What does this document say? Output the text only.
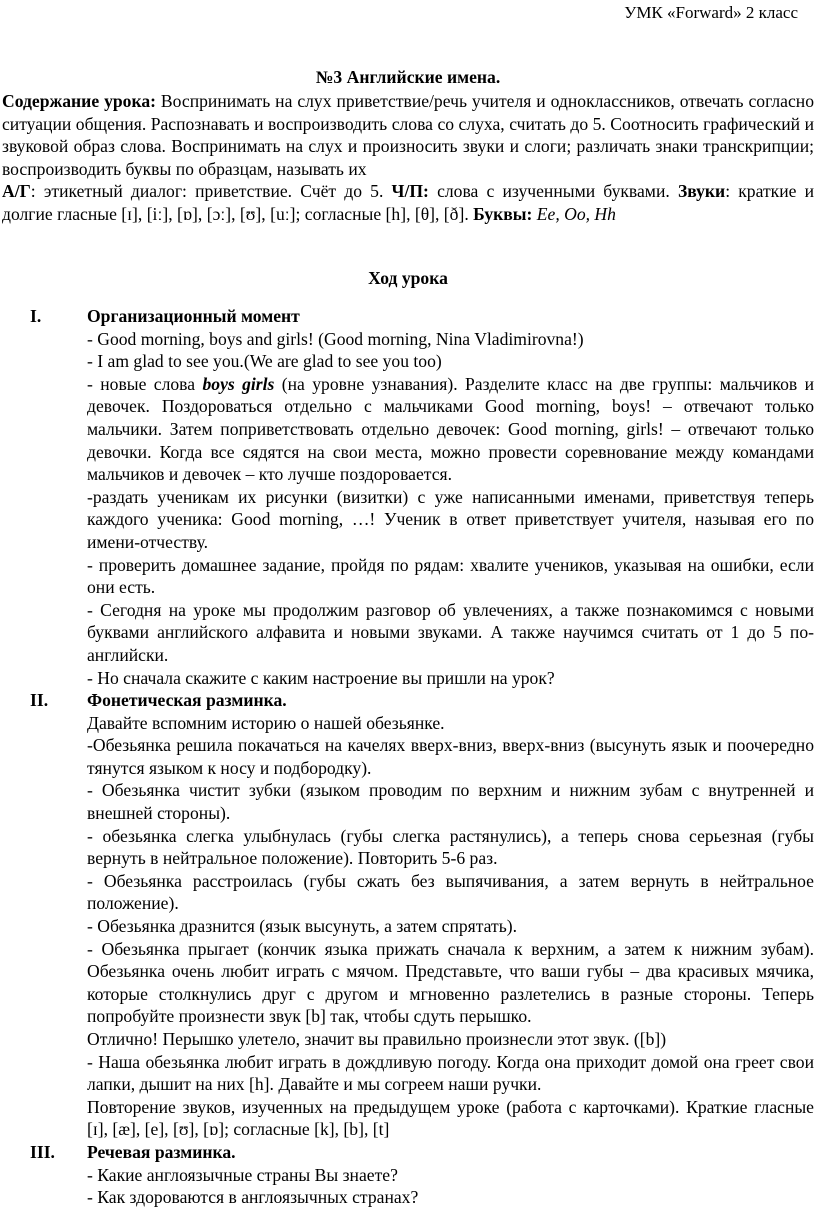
УМК «Forward» 2 класс
№3 Английские имена.

Содержание урока: Воспринимать на слух приветствие/речь учителя и одноклассников, отвечать согласно ситуации общения. Распознавать и воспроизводить слова со слуха, считать до 5. Соотносить графический и звуковой образ слова. Воспринимать на слух и произносить звуки и слоги; различать знаки транскрипции; воспроизводить буквы по образцам, называть их

А/Г: этикетный диалог: приветствие. Счёт до 5. Ч/П: слова с изученными буквами. Звуки: краткие и долгие гласные [ɪ], [iː], [ɒ], [ɔː], [ʊ], [uː]; согласные [h], [θ], [ð]. Буквы: Ee, Oo, Hh

Ход урока
I.	Организационный момент

- Good morning, boys and girls! (Good morning, Nina Vladimirovna!)

- I am glad to see you.(We are glad to see you too)

- новые слова boys girls (на уровне узнавания). Разделите класс на две группы: мальчиков и девочек. Поздороваться отдельно с мальчиками Good morning, boys! – отвечают только мальчики. Затем поприветствовать отдельно девочек: Good morning, girls! – отвечают только девочки. Когда все сядятся на свои места, можно провести соревнование между командами мальчиков и девочек – кто лучше поздоровается.

-раздать ученикам их рисунки (визитки) с уже написанными именами, приветствуя теперь каждого ученика: Good morning, …! Ученик в ответ приветствует учителя, называя его по имени-отчеству.

- проверить домашнее задание, пройдя по рядам: хвалите учеников, указывая на ошибки, если они есть.

- Сегодня на уроке мы продолжим разговор об увлечениях, а также познакомимся с новыми буквами английского алфавита и новыми звуками. А также научимся считать от 1 до 5 по-английски.

- Но сначала скажите с каким настроение вы пришли на урок?

II. Фонетическая разминка.

Давайте вспомним историю о нашей обезьянке.

-Обезьянка решила покачаться на качелях вверх-вниз, вверх-вниз (высунуть язык и поочередно тянутся языком к носу и подбородку).

- Обезьянка чистит зубки (языком проводим по верхним и нижним зубам с внутренней и внешней стороны).

- обезьянка слегка улыбнулась (губы слегка растянулись), а теперь снова серьезная (губы вернуть в нейтральное положение). Повторить 5-6 раз.

- Обезьянка расстроилась (губы сжать без выпячивания, а затем вернуть в нейтральное положение).

- Обезьянка дразнится (язык высунуть, а затем спрятать).

- Обезьянка прыгает (кончик языка прижать сначала к верхним, а затем к нижним зубам). Обезьянка очень любит играть с мячом. Представьте, что ваши губы – два красивых мячика, которые столкнулись друг с другом и мгновенно разлетелись в разные стороны. Теперь попробуйте произнести звук [b] так, чтобы сдуть перышко.

Отлично! Перышко улетело, значит вы правильно произнесли этот звук. ([b])

- Наша обезьянка любит играть в дождливую погоду. Когда она приходит домой она греет свои лапки, дышит на них [h]. Давайте и мы согреем наши ручки.

Повторение звуков, изученных на предыдущем уроке (работа с карточками). Краткие гласные [ɪ], [æ], [e], [ʊ], [ɒ]; согласные [k], [b], [t]

III. Речевая разминка.

- Какие англоязычные страны Вы знаете?

- Как здороваются в англоязычных странах?
